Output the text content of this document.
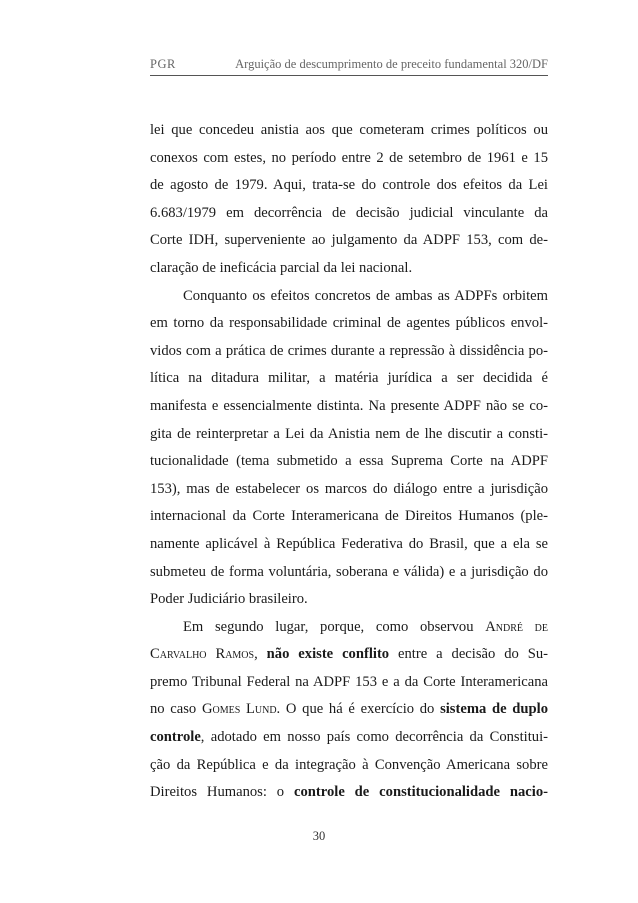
PGR	Arguição de descumprimento de preceito fundamental 320/DF
lei que concedeu anistia aos que cometeram crimes políticos ou
conexos com estes, no período entre 2 de setembro de 1961 e 15
de agosto de 1979. Aqui, trata-se do controle dos efeitos da Lei
6.683/1979 em decorrência de decisão judicial vinculante da
Corte IDH, superveniente ao julgamento da ADPF 153, com de-
claração de ineficácia parcial da lei nacional.
Conquanto os efeitos concretos de ambas as ADPFs orbitem
em torno da responsabilidade criminal de agentes públicos envol-
vidos com a prática de crimes durante a repressão à dissidência po-
lítica na ditadura militar, a matéria jurídica a ser decidida é
manifesta e essencialmente distinta. Na presente ADPF não se co-
gita de reinterpretar a Lei da Anistia nem de lhe discutir a consti-
tucionalidade (tema submetido a essa Suprema Corte na ADPF
153), mas de estabelecer os marcos do diálogo entre a jurisdição
internacional da Corte Interamericana de Direitos Humanos (ple-
namente aplicável à República Federativa do Brasil, que a ela se
submeteu de forma voluntária, soberana e válida) e a jurisdição do
Poder Judiciário brasileiro.
Em segundo lugar, porque, como observou André de
Carvalho Ramos, não existe conflito entre a decisão do Su-
premo Tribunal Federal na ADPF 153 e a da Corte Interamericana
no caso Gomes Lund. O que há é exercício do sistema de duplo
controle, adotado em nosso país como decorrência da Constitui-
ção da República e da integração à Convenção Americana sobre
Direitos Humanos: o controle de constitucionalidade nacio-
30
